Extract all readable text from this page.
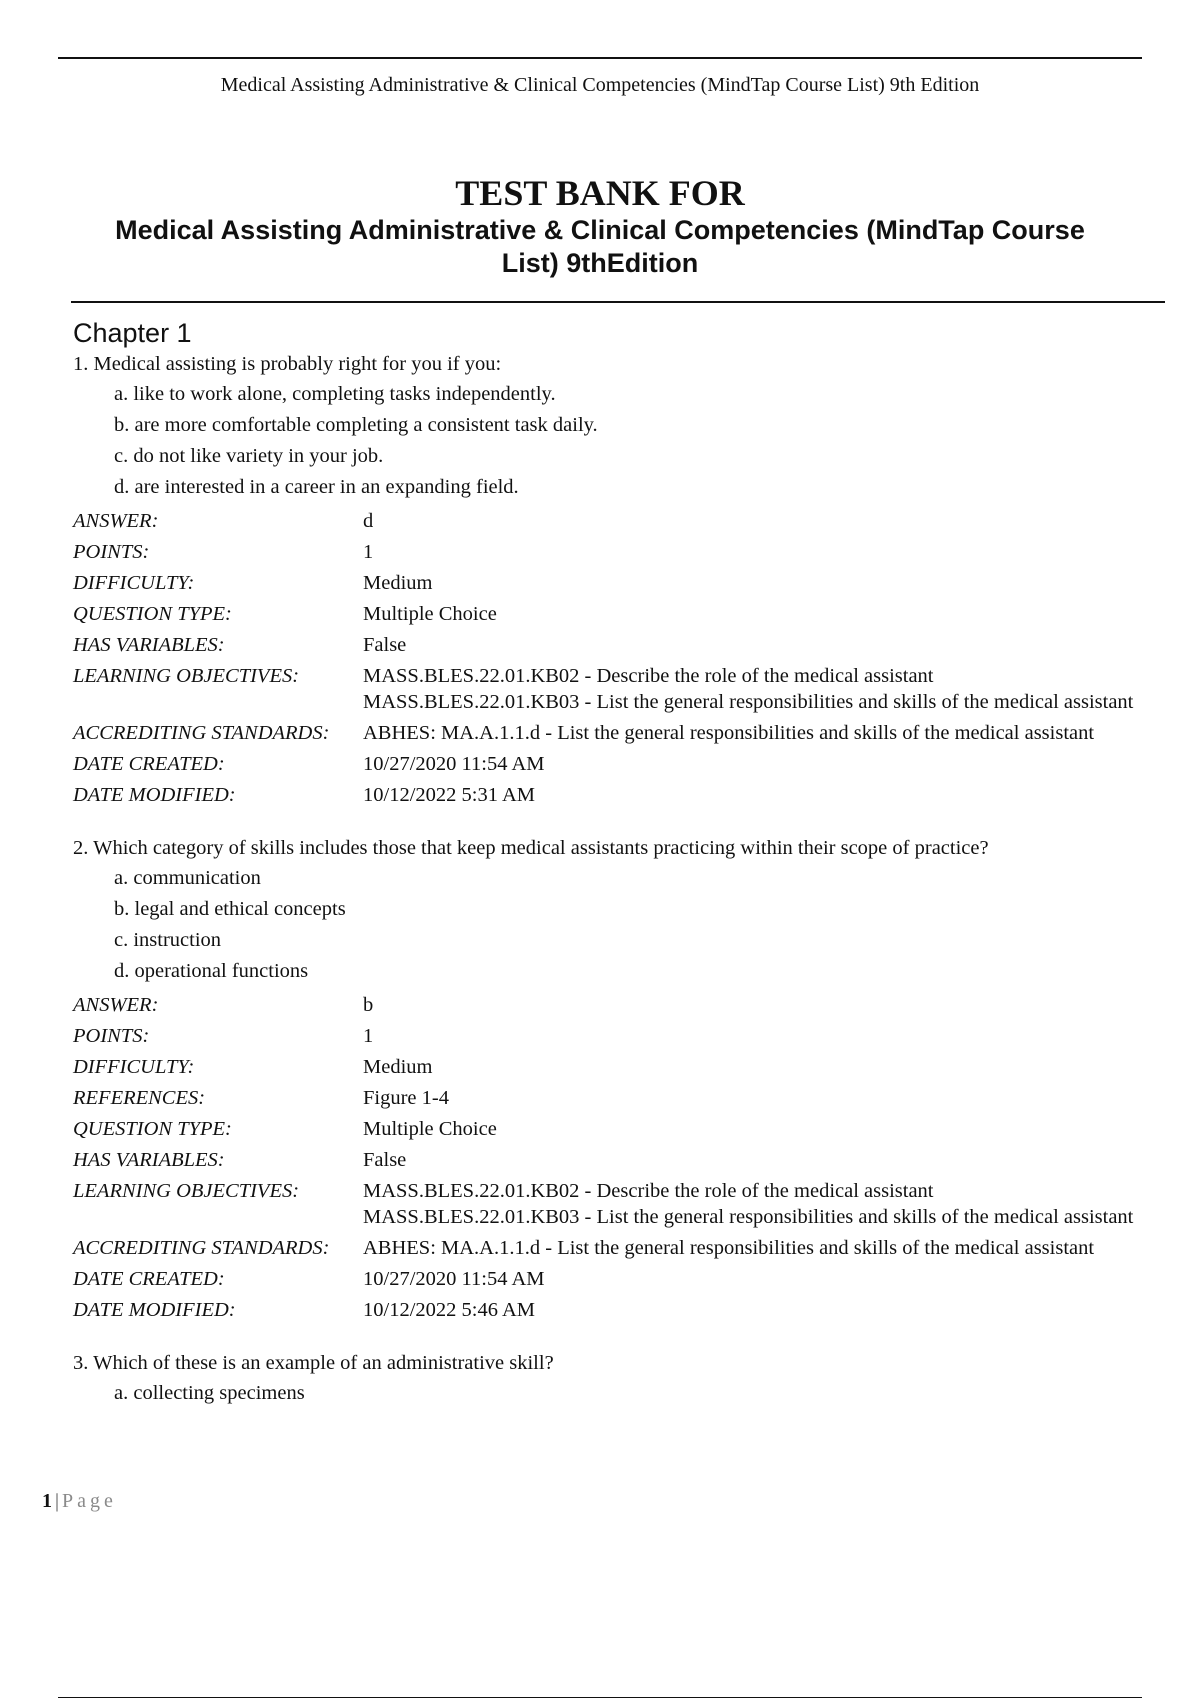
Medical Assisting Administrative & Clinical Competencies (MindTap Course List) 9th Edition
TEST BANK FOR
Medical Assisting Administrative & Clinical Competencies (MindTap Course
List) 9thEdition
Chapter 1
1. Medical assisting is probably right for you if you:
a. like to work alone, completing tasks independently.
b. are more comfortable completing a consistent task daily.
c. do not like variety in your job.
d. are interested in a career in an expanding field.
ANSWER:	d
POINTS:	1
DIFFICULTY:	Medium
QUESTION TYPE:	Multiple Choice
HAS VARIABLES:	False
LEARNING OBJECTIVES:	MASS.BLES.22.01.KB02 - Describe the role of the medical assistant
MASS.BLES.22.01.KB03 - List the general responsibilities and skills of the medical assistant
ACCREDITING STANDARDS:	ABHES: MA.A.1.1.d - List the general responsibilities and skills of the medical assistant
DATE CREATED:	10/27/2020 11:54 AM
DATE MODIFIED:	10/12/2022 5:31 AM
2. Which category of skills includes those that keep medical assistants practicing within their scope of practice?
a. communication
b. legal and ethical concepts
c. instruction
d. operational functions
ANSWER:	b
POINTS:	1
DIFFICULTY:	Medium
REFERENCES:	Figure 1-4
QUESTION TYPE:	Multiple Choice
HAS VARIABLES:	False
LEARNING OBJECTIVES:	MASS.BLES.22.01.KB02 - Describe the role of the medical assistant
MASS.BLES.22.01.KB03 - List the general responsibilities and skills of the medical assistant
ACCREDITING STANDARDS:	ABHES: MA.A.1.1.d - List the general responsibilities and skills of the medical assistant
DATE CREATED:	10/27/2020 11:54 AM
DATE MODIFIED:	10/12/2022 5:46 AM
3. Which of these is an example of an administrative skill?
a. collecting specimens
1 | Page
